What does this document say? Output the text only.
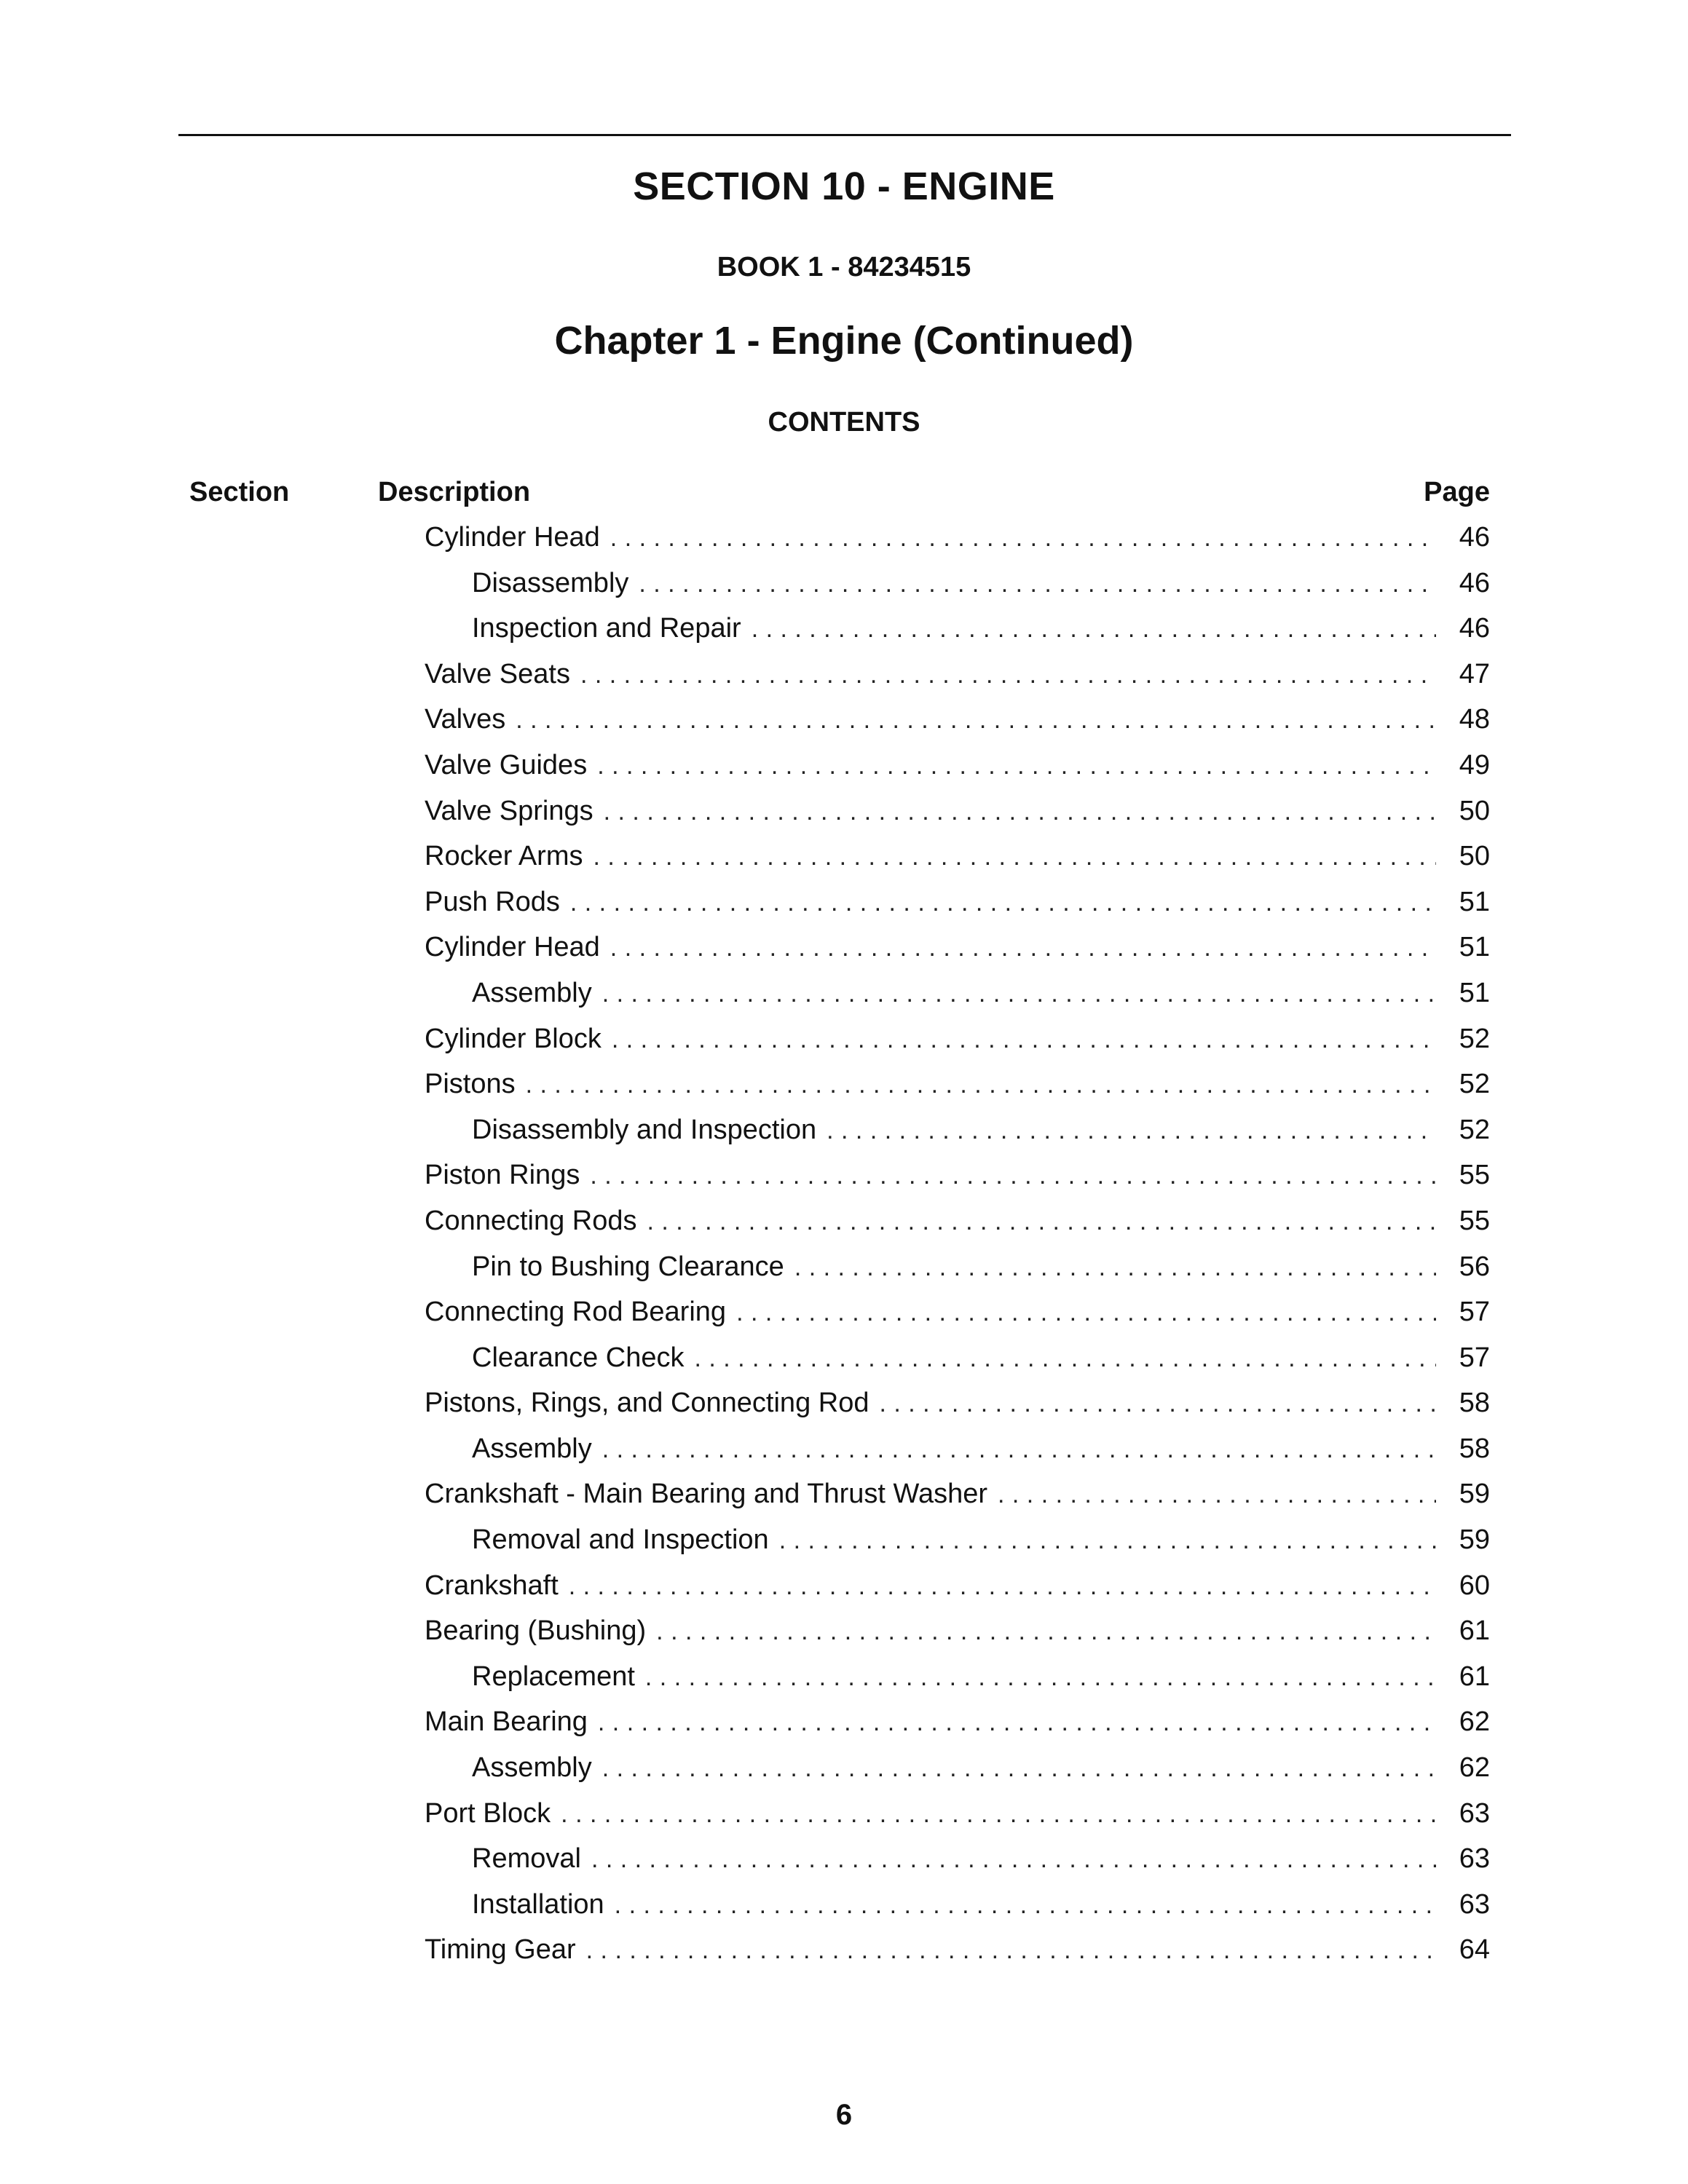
SECTION 10 - ENGINE
BOOK 1 - 84234515
Chapter 1 - Engine (Continued)
CONTENTS
Section	Description	Page
Cylinder Head . . .	46
Disassembly . . .	46
Inspection and Repair . . .	46
Valve Seats . . .	47
Valves . . .	48
Valve Guides . . .	49
Valve Springs . . .	50
Rocker Arms . . .	50
Push Rods . . .	51
Cylinder Head . . .	51
Assembly . . .	51
Cylinder Block . . .	52
Pistons . . .	52
Disassembly and Inspection . . .	52
Piston Rings . . .	55
Connecting Rods . . .	55
Pin to Bushing Clearance . . .	56
Connecting Rod Bearing . . .	57
Clearance Check . . .	57
Pistons, Rings, and Connecting Rod . . .	58
Assembly . . .	58
Crankshaft - Main Bearing and Thrust Washer . . .	59
Removal and Inspection . . .	59
Crankshaft . . .	60
Bearing (Bushing) . . .	61
Replacement . . .	61
Main Bearing . . .	62
Assembly . . .	62
Port Block . . .	63
Removal . . .	63
Installation . . .	63
Timing Gear . . .	64
6
